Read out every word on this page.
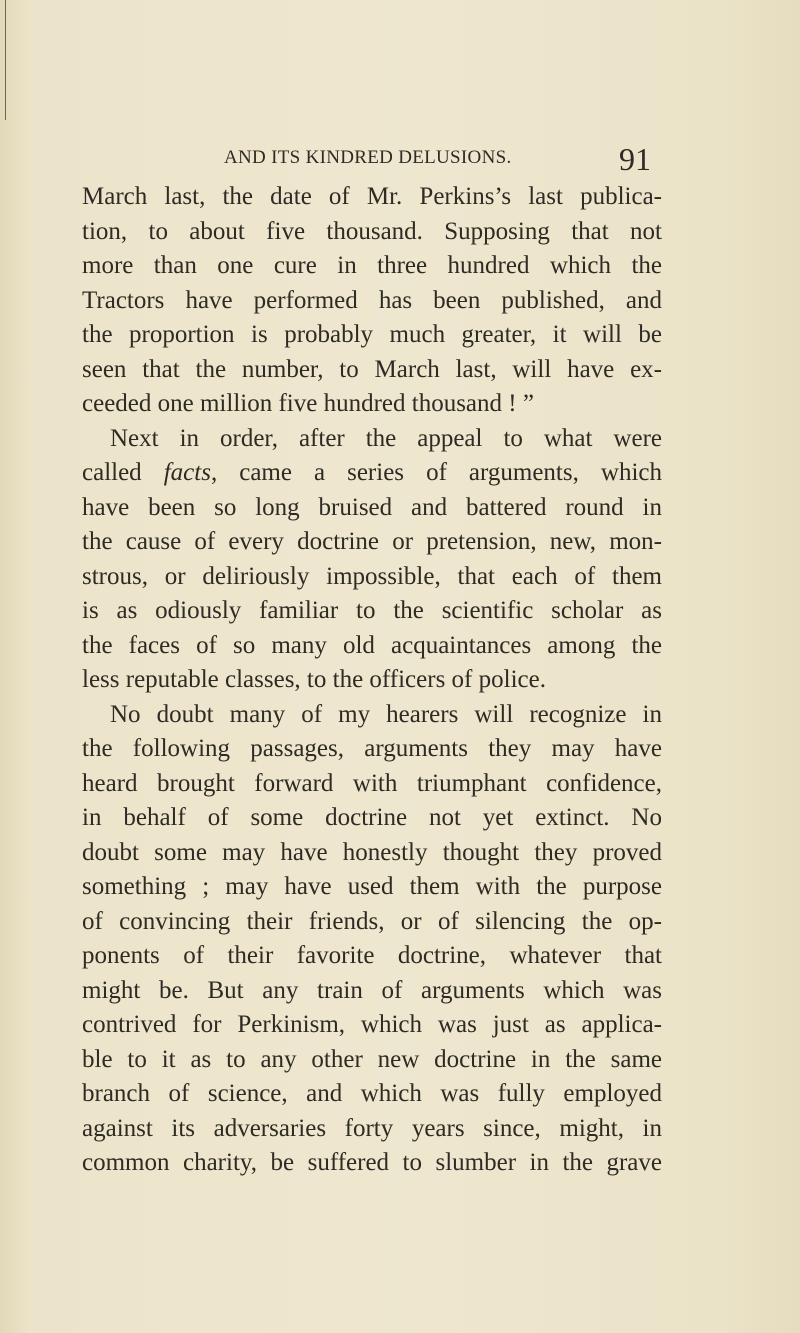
AND ITS KINDRED DELUSIONS.	91
March last, the date of Mr. Perkins’s last publica-
tion, to about five thousand. Supposing that not
more than one cure in three hundred which the
Tractors have performed has been published, and
the proportion is probably much greater, it will be
seen that the number, to March last, will have ex-
ceeded one million five hundred thousand ! ”
Next in order, after the appeal to what were
called facts, came a series of arguments, which
have been so long bruised and battered round in
the cause of every doctrine or pretension, new, mon-
strous, or deliriously impossible, that each of them
is as odiously familiar to the scientific scholar as
the faces of so many old acquaintances among the
less reputable classes, to the officers of police.
No doubt many of my hearers will recognize in
the following passages, arguments they may have
heard brought forward with triumphant confidence,
in behalf of some doctrine not yet extinct. No
doubt some may have honestly thought they proved
something ; may have used them with the purpose
of convincing their friends, or of silencing the op-
ponents of their favorite doctrine, whatever that
might be. But any train of arguments which was
contrived for Perkinism, which was just as applica-
ble to it as to any other new doctrine in the same
branch of science, and which was fully employed
against its adversaries forty years since, might, in
common charity, be suffered to slumber in the grave
